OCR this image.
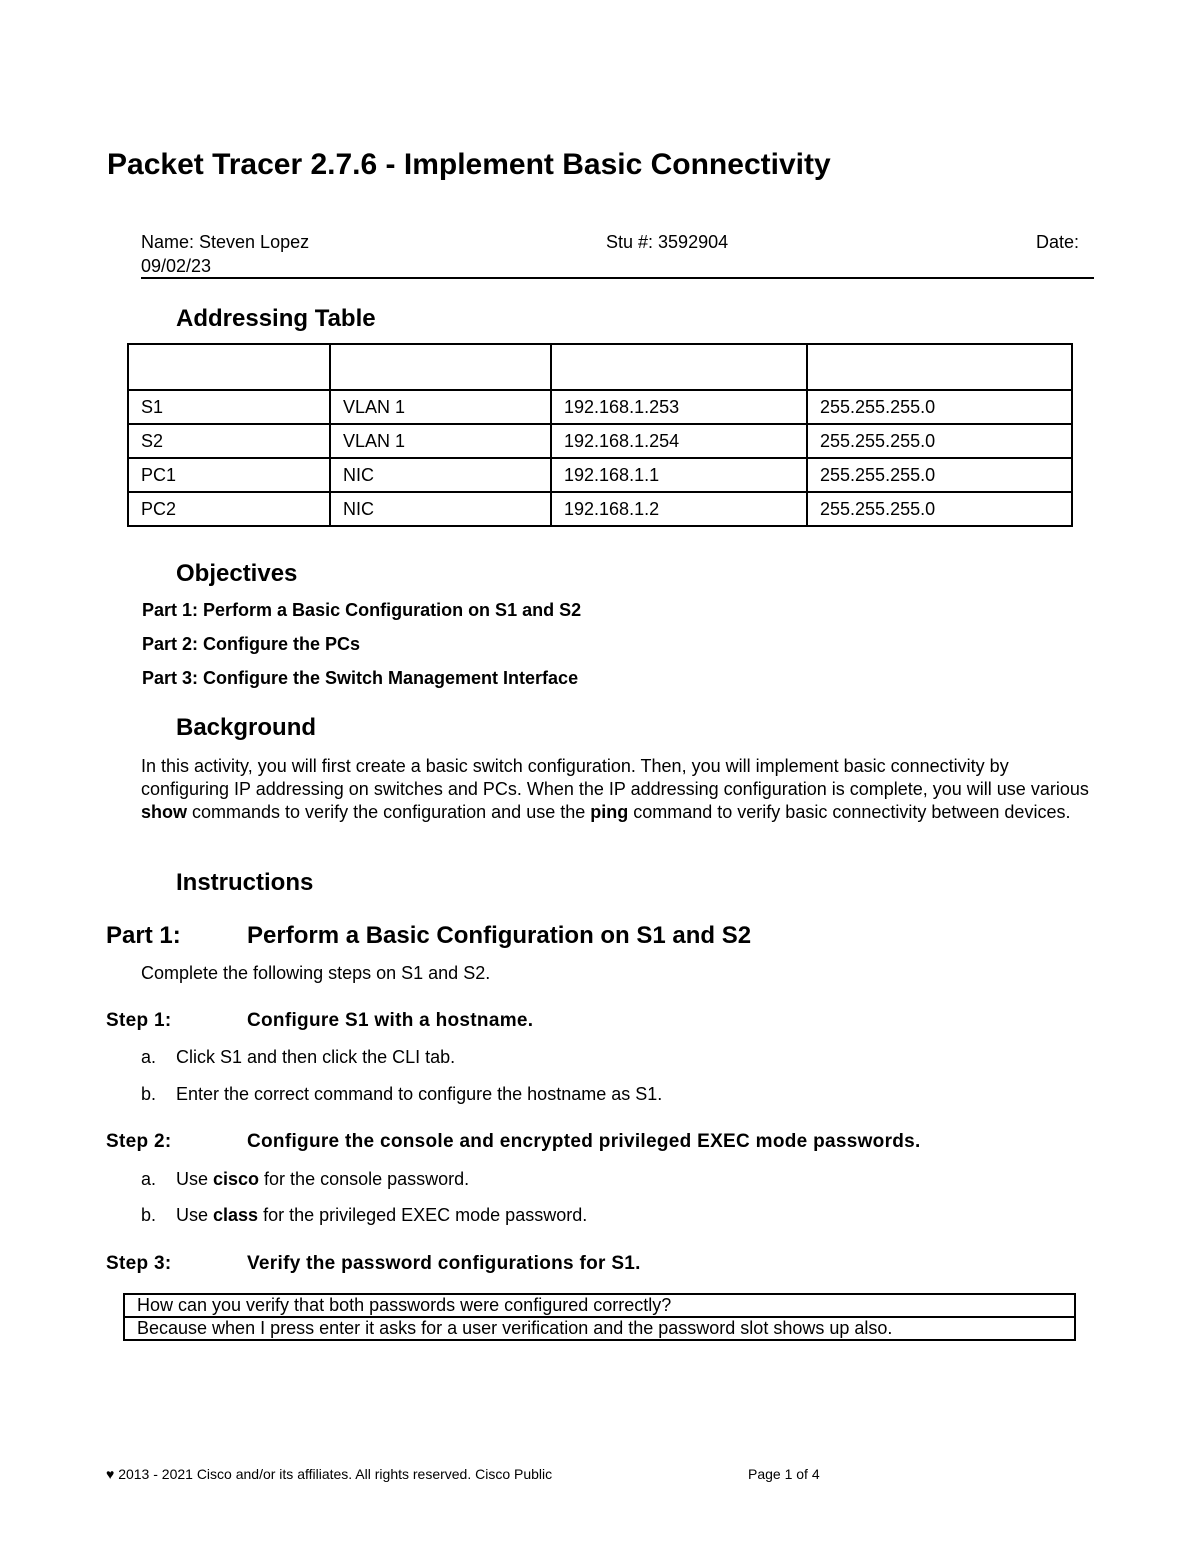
Packet Tracer 2.7.6 - Implement Basic Connectivity
Name: Steven Lopez	Stu #: 3592904	Date:
09/02/23
Addressing Table

S1	VLAN 1	192.168.1.253	255.255.255.0
S2	VLAN 1	192.168.1.254	255.255.255.0
PC1	NIC	192.168.1.1	255.255.255.0
PC2	NIC	192.168.1.2	255.255.255.0
Objectives
Part 1: Perform a Basic Configuration on S1 and S2
Part 2: Configure the PCs
Part 3: Configure the Switch Management Interface
Background
In this activity, you will first create a basic switch configuration. Then, you will implement basic connectivity by configuring IP addressing on switches and PCs. When the IP addressing configuration is complete, you will use various show commands to verify the configuration and use the ping command to verify basic connectivity between devices.
Instructions
Part 1:	Perform a Basic Configuration on S1 and S2
Complete the following steps on S1 and S2.
Step 1:	Configure S1 with a hostname.
a. Click S1 and then click the CLI tab.
b. Enter the correct command to configure the hostname as S1.
Step 2:	Configure the console and encrypted privileged EXEC mode passwords.
a. Use cisco for the console password.
b. Use class for the privileged EXEC mode password.
Step 3:	Verify the password configurations for S1.
How can you verify that both passwords were configured correctly?
Because when I press enter it asks for a user verification and the password slot shows up also.
♥ 2013 - 2021 Cisco and/or its affiliates. All rights reserved. Cisco Public	Page 1 of 4
